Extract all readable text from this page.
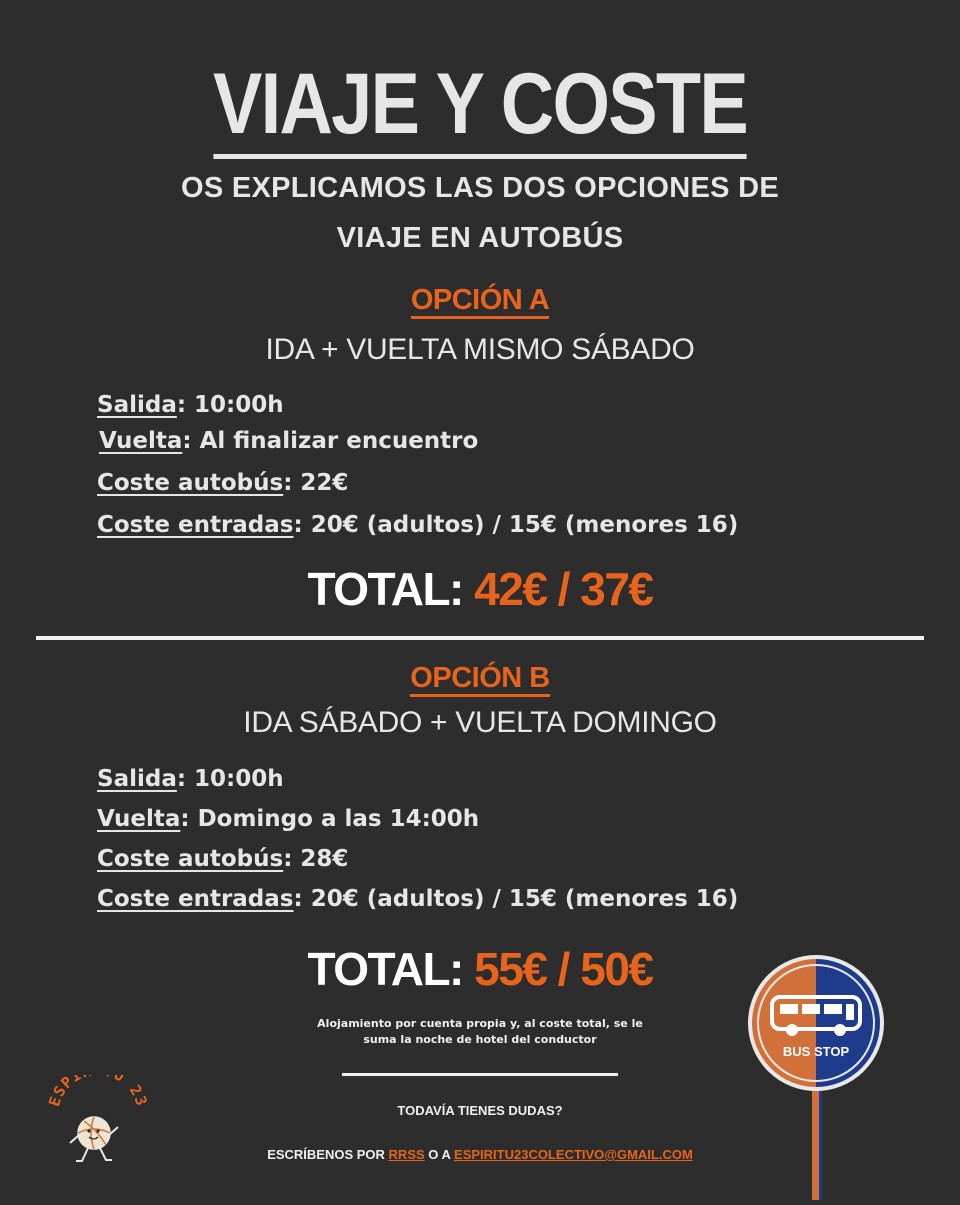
VIAJE Y COSTE
OS EXPLICAMOS LAS DOS OPCIONES DE
VIAJE EN AUTOBÚS
OPCIÓN A
IDA + VUELTA MISMO SÁBADO
Salida: 10:00h
Vuelta: Al finalizar encuentro
Coste autobús: 22€
Coste entradas: 20€ (adultos) / 15€ (menores 16)
TOTAL: 42€ / 37€
OPCIÓN B
IDA SÁBADO + VUELTA DOMINGO
Salida: 10:00h
Vuelta: Domingo a las 14:00h
Coste autobús: 28€
Coste entradas: 20€ (adultos) / 15€ (menores 16)
TOTAL: 55€ / 50€
Alojamiento por cuenta propia y, al coste total, se le
suma la noche de hotel del conductor
TODAVÍA TIENES DUDAS?
ESCRÍBENOS POR RRSS O A ESPIRITU23COLECTIVO@GMAIL.COM
SPI U 2
BUS STOP
